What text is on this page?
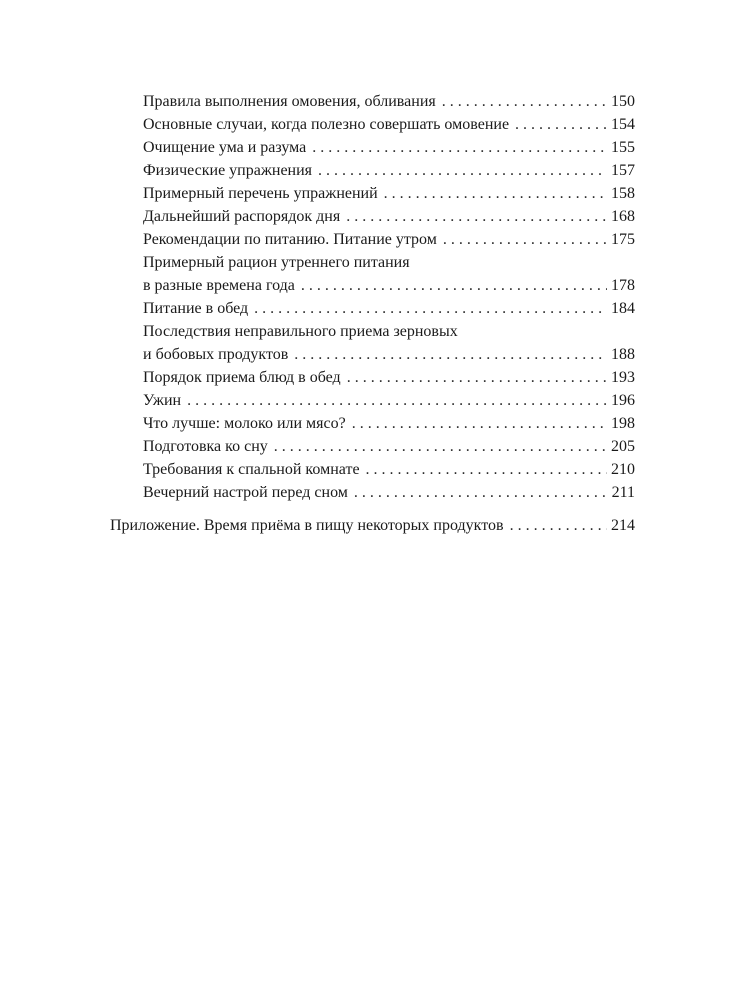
Правила выполнения омовения, обливания . . .	150
Основные случаи, когда полезно совершать омовение . . .	154
Очищение ума и разума . . .	155
Физические упражнения . . .	157
Примерный перечень упражнений . . .	158
Дальнейший распорядок дня . . .	168
Рекомендации по питанию. Питание утром . . .	175
Примерный рацион утреннего питания
в разные времена года . . .	178
Питание в обед . . .	184
Последствия неправильного приема зерновых
и бобовых продуктов . . .	188
Порядок приема блюд в обед . . .	193
Ужин . . .	196
Что лучше: молоко или мясо? . . .	198
Подготовка ко сну . . .	205
Требования к спальной комнате . . .	210
Вечерний настрой перед сном . . .	211
Приложение. Время приёма в пищу некоторых продуктов . . .	214
